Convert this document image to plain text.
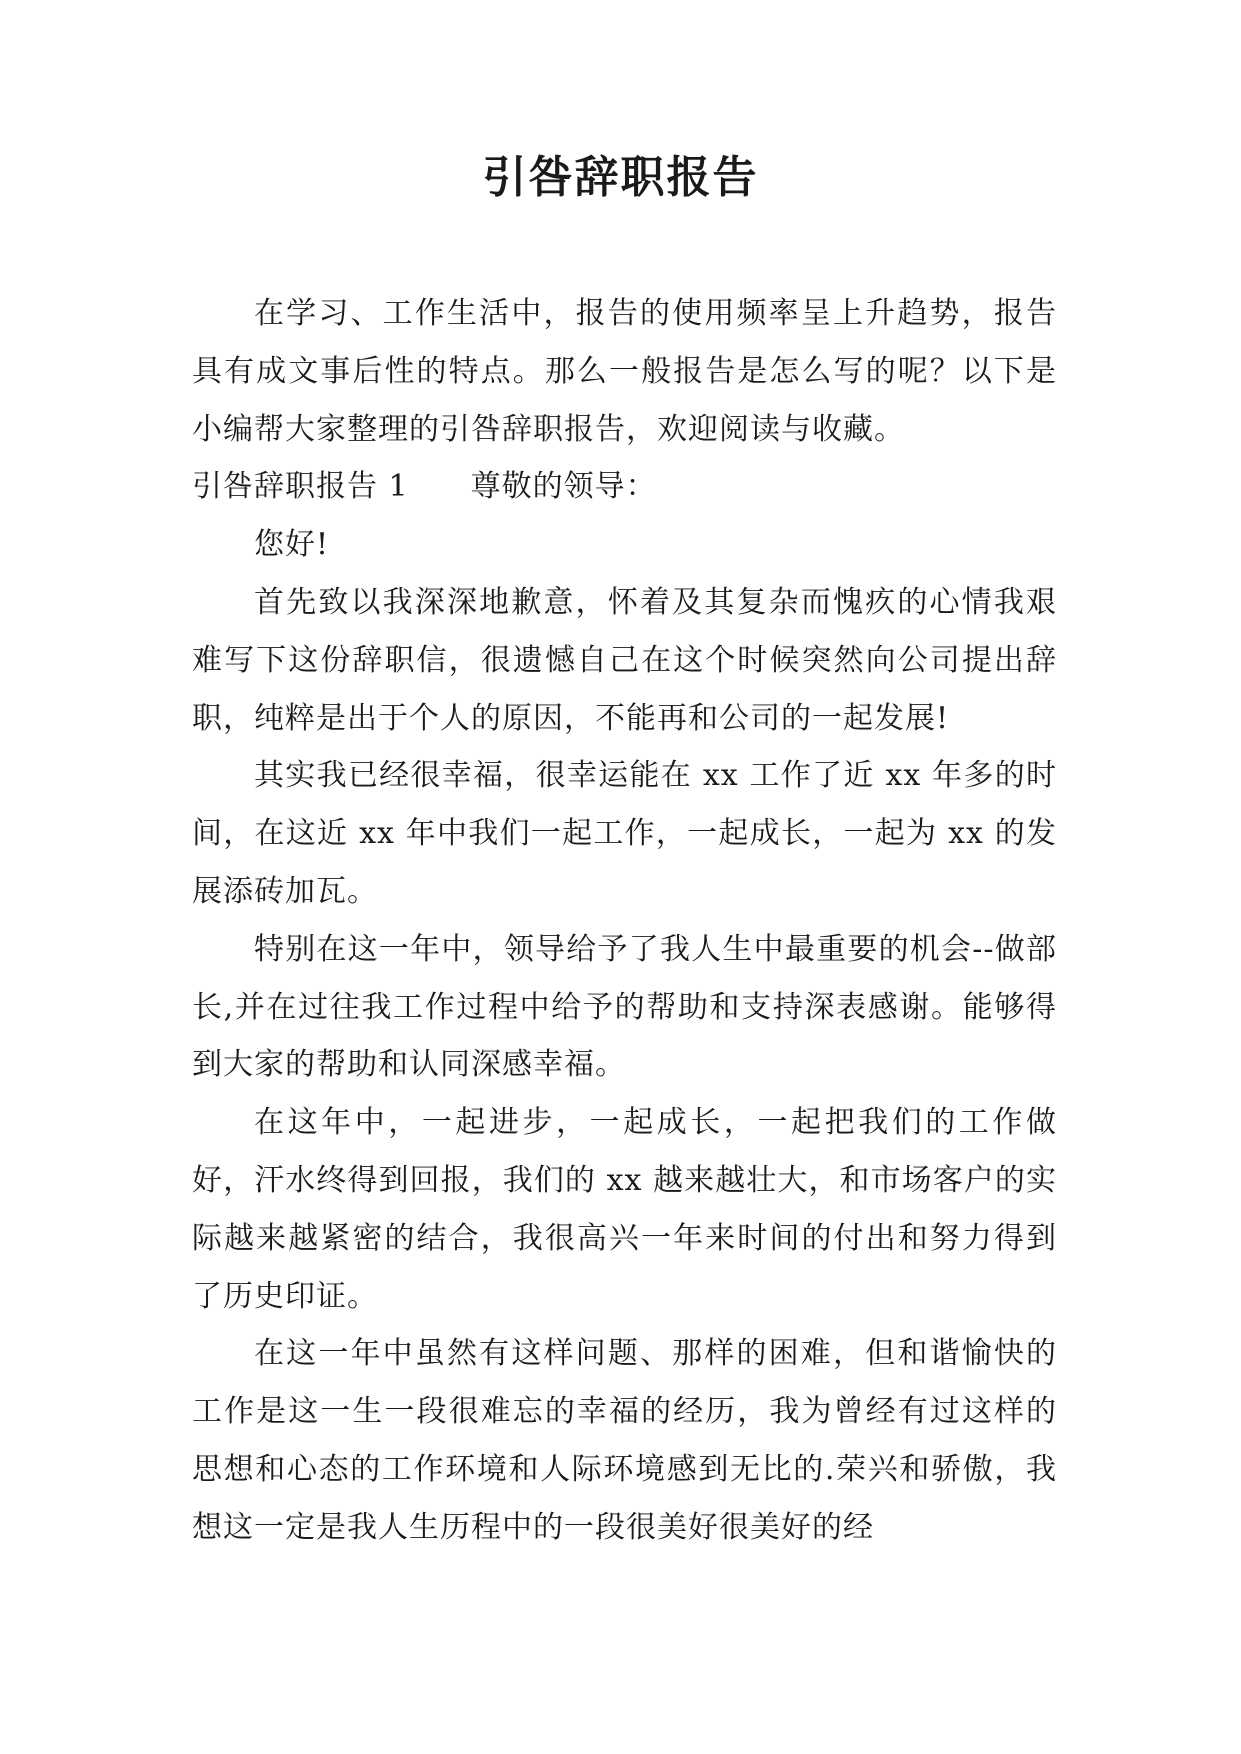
引咎辞职报告

在学习、工作生活中，报告的使用频率呈上升趋势，报告具有成文事后性的特点。那么一般报告是怎么写的呢？以下是小编帮大家整理的引咎辞职报告，欢迎阅读与收藏。

引咎辞职报告 1 尊敬的领导：

您好!

首先致以我深深地歉意，怀着及其复杂而愧疚的心情我艰难写下这份辞职信，很遗憾自己在这个时候突然向公司提出辞职，纯粹是出于个人的原因，不能再和公司的一起发展!

其实我已经很幸福，很幸运能在 xx 工作了近 xx 年多的时间，在这近 xx 年中我们一起工作，一起成长，一起为 xx 的发展添砖加瓦。

特别在这一年中，领导给予了我人生中最重要的机会--做部长,并在过往我工作过程中给予的帮助和支持深表感谢。能够得到大家的帮助和认同深感幸福。

在这年中，一起进步，一起成长，一起把我们的工作做好，汗水终得到回报，我们的 xx 越来越壮大，和市场客户的实际越来越紧密的结合，我很高兴一年来时间的付出和努力得到了历史印证。

在这一年中虽然有这样问题、那样的困难，但和谐愉快的工作是这一生一段很难忘的幸福的经历，我为曾经有过这样的思想和心态的工作环境和人际环境感到无比的.荣兴和骄傲，我想这一定是我人生历程中的一段很美好很美好的经
